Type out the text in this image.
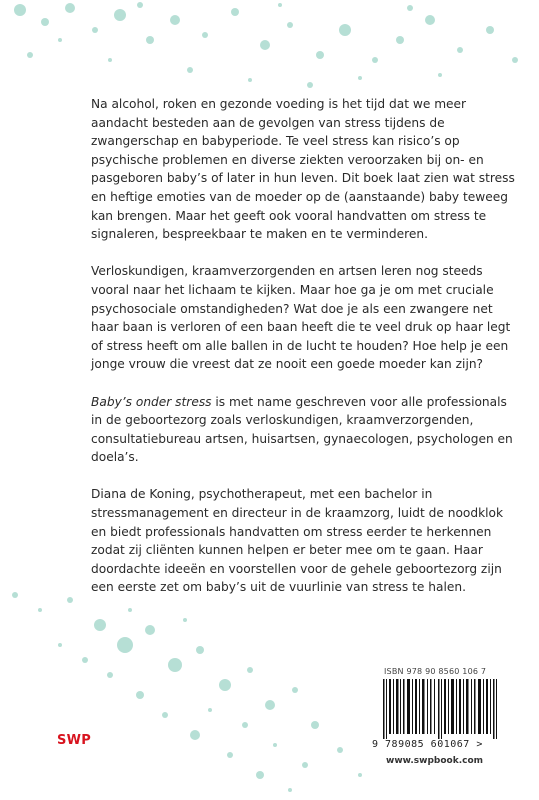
Na alcohol, roken en gezonde voeding is het tijd dat we meer aandacht besteden aan de gevolgen van stress tijdens de zwangerschap en babyperiode. Te veel stress kan risico’s op psychische problemen en diverse ziekten veroorzaken bij on- en pasgeboren baby’s of later in hun leven. Dit boek laat zien wat stress en heftige emoties van de moeder op de (aanstaande) baby teweeg kan brengen. Maar het geeft ook vooral handvatten om stress te signaleren, bespreekbaar te maken en te verminderen.

Verloskundigen, kraamverzorgenden en artsen leren nog steeds vooral naar het lichaam te kijken. Maar hoe ga je om met cruciale psychosociale omstandigheden? Wat doe je als een zwangere net haar baan is verloren of een baan heeft die te veel druk op haar legt of stress heeft om alle ballen in de lucht te houden? Hoe help je een jonge vrouw die vreest dat ze nooit een goede moeder kan zijn?

Baby’s onder stress is met name geschreven voor alle professionals in de geboortezorg zoals verloskundigen, kraamverzorgenden, consultatiebureau artsen, huisartsen, gynaecologen, psychologen en doela’s.

Diana de Koning, psychotherapeut, met een bachelor in stressmanagement en directeur in de kraamzorg, luidt de noodklok en biedt professionals handvatten om stress eerder te herkennen zodat zij cliënten kunnen helpen er beter mee om te gaan. Haar doordachte ideeën en voorstellen voor de gehele geboortezorg zijn een eerste zet om baby’s uit de vuurlinie van stress te halen.

SWP
ISBN 978 90 8560 106 7
9 789085 601067 >
www.swpbook.com
